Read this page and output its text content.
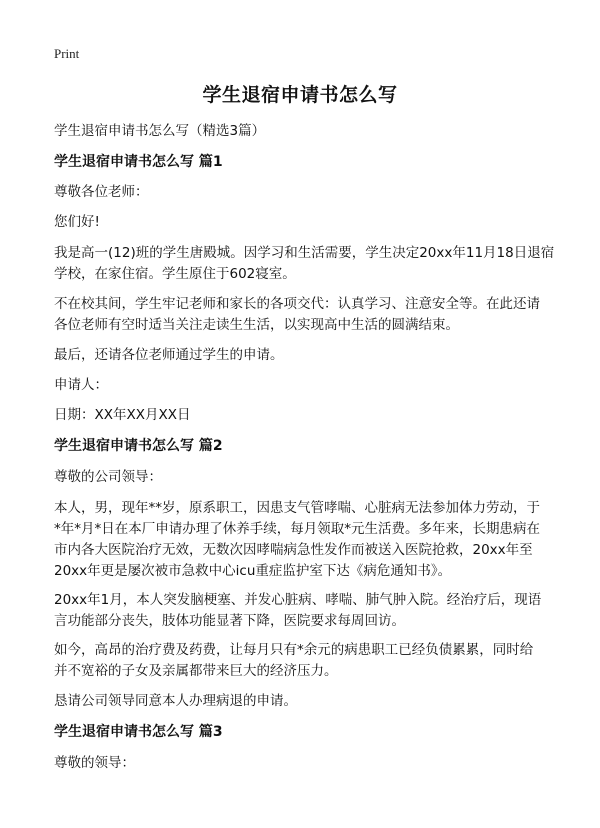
Print
学生退宿申请书怎么写
学生退宿申请书怎么写（精选3篇）
学生退宿申请书怎么写 篇1
尊敬各位老师：
您们好!
我是高一(12)班的学生唐殿城。因学习和生活需要，学生决定20xx年11月18日退宿
学校，在家住宿。学生原住于602寝室。
不在校其间，学生牢记老师和家长的各项交代：认真学习、注意安全等。在此还请
各位老师有空时适当关注走读生生活，以实现高中生活的圆满结束。
最后，还请各位老师通过学生的申请。
申请人：
日期：XX年XX月XX日
学生退宿申请书怎么写 篇2
尊敬的公司领导：
本人，男，现年**岁，原系职工，因患支气管哮喘、心脏病无法参加体力劳动，于
*年*月*日在本厂申请办理了休养手续，每月领取*元生活费。多年来，长期患病在
市内各大医院治疗无效，无数次因哮喘病急性发作而被送入医院抢救，20xx年至
20xx年更是屡次被市急救中心icu重症监护室下达《病危通知书》。
20xx年1月，本人突发脑梗塞、并发心脏病、哮喘、肺气肿入院。经治疗后，现语
言功能部分丧失，肢体功能显著下降，医院要求每周回访。
如今，高昂的治疗费及药费，让每月只有*余元的病患职工已经负债累累，同时给
并不宽裕的子女及亲属都带来巨大的经济压力。
恳请公司领导同意本人办理病退的申请。
学生退宿申请书怎么写 篇3
尊敬的领导：
